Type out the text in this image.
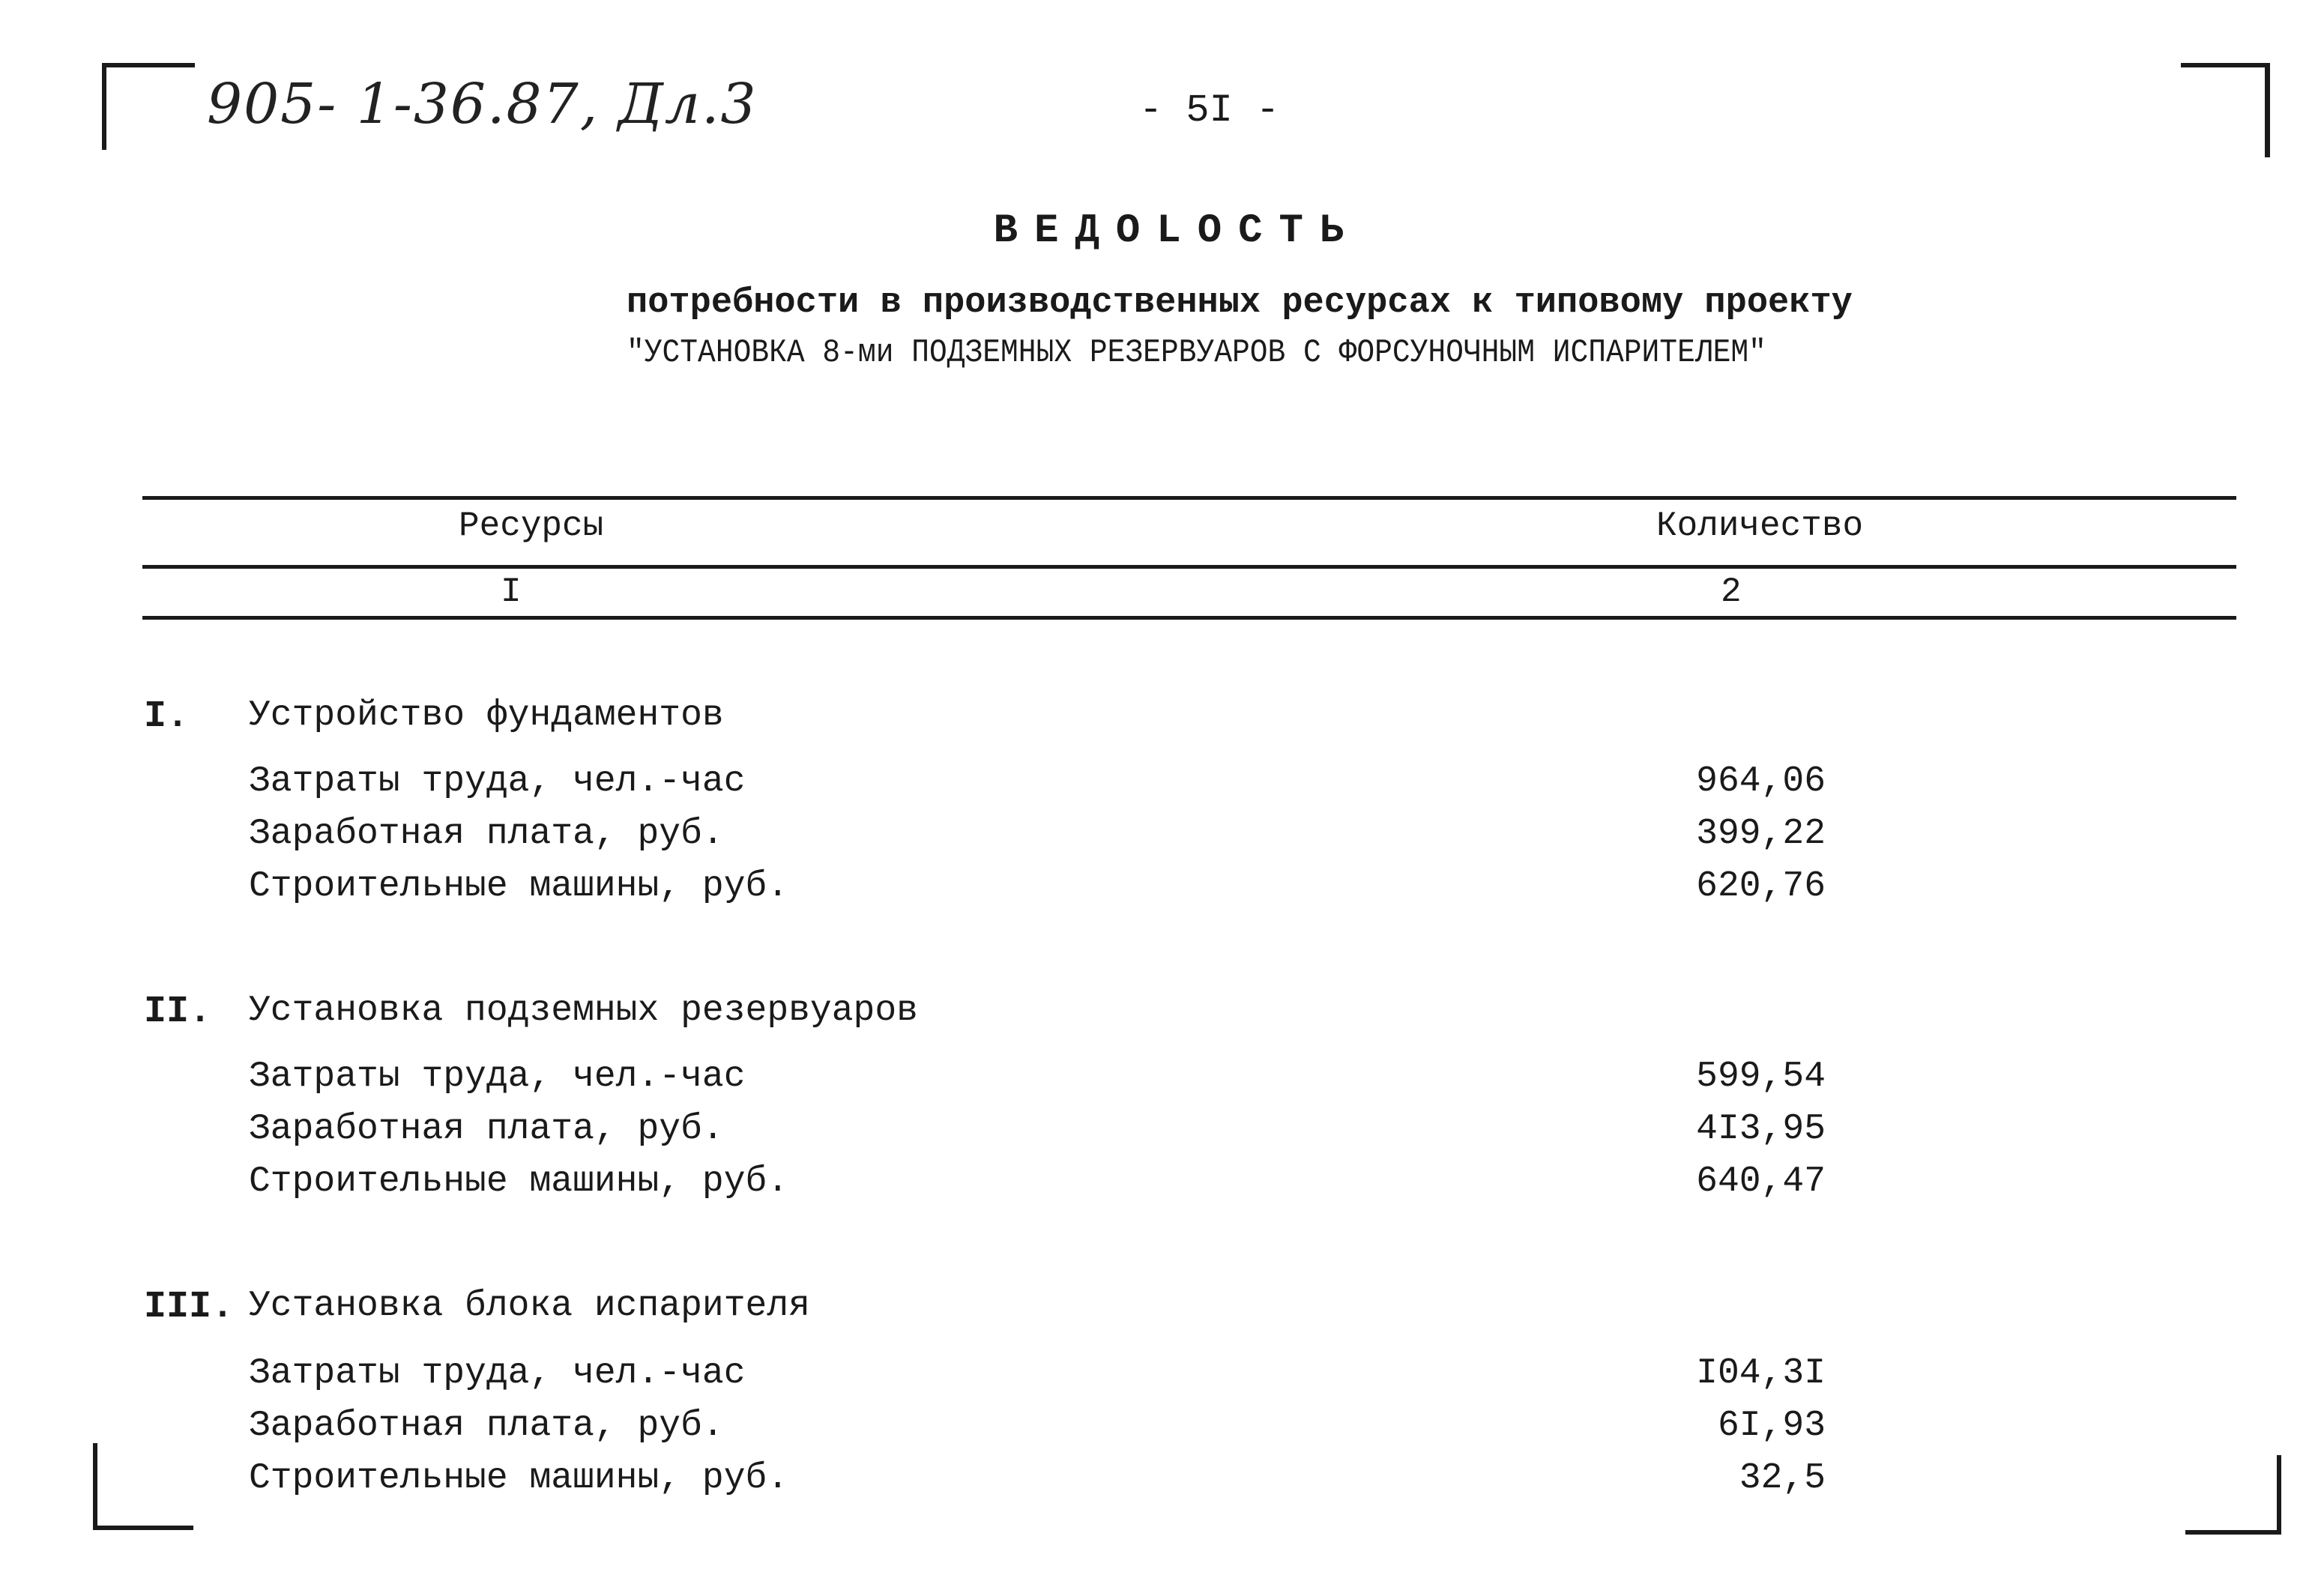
905- 1-36.87, Дл.3	- 5I -
ВЕДОLОСТЬ
потребности в производственных ресурсах к типовому проекту
"УСТАНОВКА 8-ми ПОДЗЕМНЫХ РЕЗЕРВУАРОВ С ФОРСУНОЧНЫМ ИСПАРИТЕЛЕМ"
Ресурсы	Количество
I	2
I. Устройство фундаментов
Затраты труда, чел.-час	964,06
Заработная плата, руб.	399,22
Строительные машины, руб.	620,76
II. Установка подземных резервуаров
Затраты труда, чел.-час	599,54
Заработная плата, руб.	4I3,95
Строительные машины, руб.	640,47
III. Установка блока испарителя
Затраты труда, чел.-час	I04,3I
Заработная плата, руб.	6I,93
Строительные машины, руб.	32,5
